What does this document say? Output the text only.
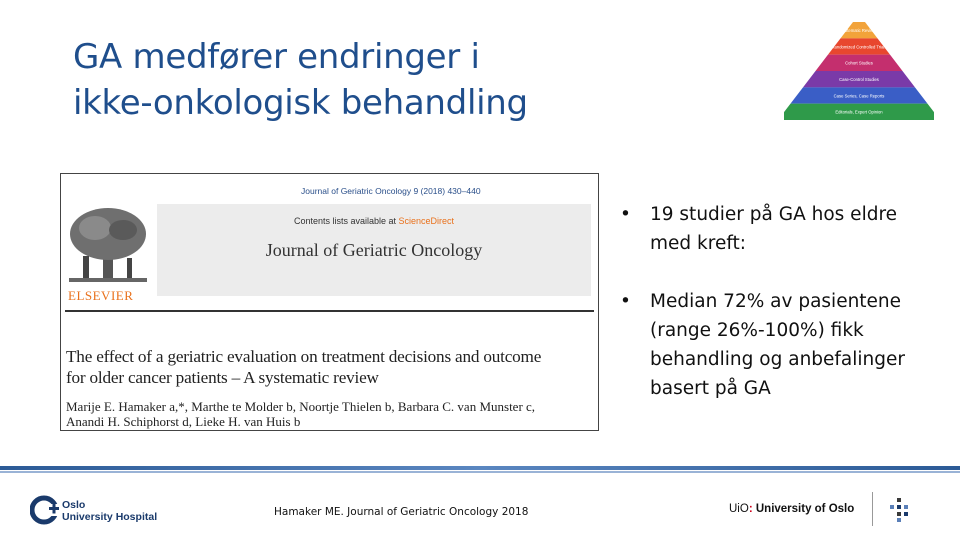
GA medfører endringer i
ikke-onkologisk behandling
Systematic Reviews
Randomized Controlled Trials
Cohort Studies
Case-Control Studies
Case Series, Case Reports
Editorials, Expert Opinion
Journal of Geriatric Oncology 9 (2018) 430–440
ELSEVIER
Contents lists available at ScienceDirect
Journal of Geriatric Oncology
The effect of a geriatric evaluation on treatment decisions and outcome
for older cancer patients – A systematic review
Marije E. Hamaker a,*, Marthe te Molder b, Noortje Thielen b, Barbara C. van Munster c,
Anandi H. Schiphorst d, Lieke H. van Huis b
• 19 studier på GA hos eldre med kreft:
• Median 72% av pasientene (range 26%-100%) fikk behandling og anbefalinger basert på GA
Oslo
University Hospital	Hamaker ME. Journal of Geriatric Oncology 2018	UiO: University of Oslo
